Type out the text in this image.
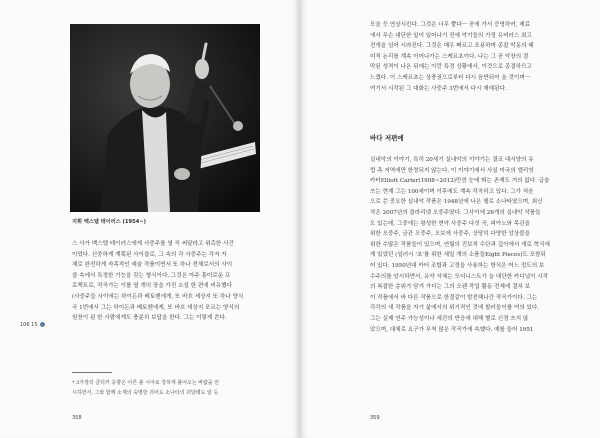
지휘 벡스텔 테이러스 (1954~)
스 사가 백스텔 테이러스에게 사중주를 열 곡 써달라고 위촉한 사건
이었다. 신중하게 계획된 사이클로, 그 속의 각 사중주는 각자 자
체로 완전하게 자족적인 예술 작품이면서 또 하나 전체로서의 사이
클 속에서 특정한 기능을 갖는 형식이다. 그것은 아주 흥미로운 프
로젝트로, 작곡가는 이를 열 개의 장을 가진 소설 한 편에 비유했다
(사중주들 사이에는 하이든과 베토벤에게, 또 바흐 세상지 또 하나 양식
국 1번에서 그는 하이든과 베토벤에게, 또 바흐 세상지 포르는 양식의
원천이 된 한 사람에게도 충분히 보답을 한다. 그는 이렇게 쓴다.
106 15
* 3가장의 클리커 응향은 아른 볼 시어로 강하게 불어오는 바람을 안
시하면서, 그와 함께 소재의 숙명한 괴어도 소나타의 괴달테도 알 듯
358
모을 듯 연상시킨다. 그것은 너무 뿔다ㅡ 곧에 가서 증명하여, 제료
에서 무슨 대단한 일이 일어나기 전에 악기들의 가정 유머러스 최고
전개을 넘어 시라진다. 그것은 매우 빠르고 조용하며 종잡 악동의 때
미적 논리를 계속 이어나가는 스케르초이다. 나는 그 곧 악장의 결
막된 성격이 나온 뒤에는 이런 특정 상황에서, 이것으로 종결하므고
느꼈다. 이 스케르초는 상충권으로부터 다시 음반되어 올 것이며ㅡ
여기서 시작된 그 대화는 사중주 3번에서 다시 재예된다.
바다 저편에
실내악의 이야기, 특히 20세기 실내악의 이야기는 결코 대서양의 유
럽 측 지역에만 한정되지 않는다. 이 이야기에서 사실 미국의 엘리엇
카터Elliott Carter(1908~2012)만큼 눈에 띄는 존재도 거의 없다. 급술
쓰는 현재 그는 100세이며 이후에도 계속 작곡하고 있다. 그가 처음
으로 쓴 중요한 실내악 작품은 1948년에 나온 첼로 소나타였으며, 최신
작은 2007년의 클라리넷 오중주였다. 그사이에 26개의 실내악 작품들
도 있는데, 그중에는 왕성한 현악 사중주 다섯 곡, 피아노와 목관을
위한 오중주, 금관 오중주, 오보에 사중주, 상당히 다양한 앙상블을
위한 수많은 작품들이 있으며, 연월의 진보적 수단과 깊이에서 새로 혁식에
게 있었던 (일러시 '초'를 위한 세밀 개의 소품들Eight Pieces)도 포함되
어 있다. 1950년대 카터 조합과 고정을 사용하는 방식은 어느 정도의 보
수주의를 암시하면서, 유약 자체는 모더니스트가 늘 대단한 카디널이 시작
의 복잡한 층위가 담겨 가더는 그의 오랜 작업 활동 전체에 결쳐 보
이 작품에서 바 다른 작품으로 한결같이 발전해나간 작곡가이다. 그는
각각의 새 작품을 자기 삶에서의 위기적인 것에 할러들이를 여의 있다.
그는 실제 연주 가능성이나 세간의 반응에 대해 별로 신경 쓰지 않
았으며, 대체로 요구가 무척 많은 작곡가에 속했다. 예를 들어 1951
359
